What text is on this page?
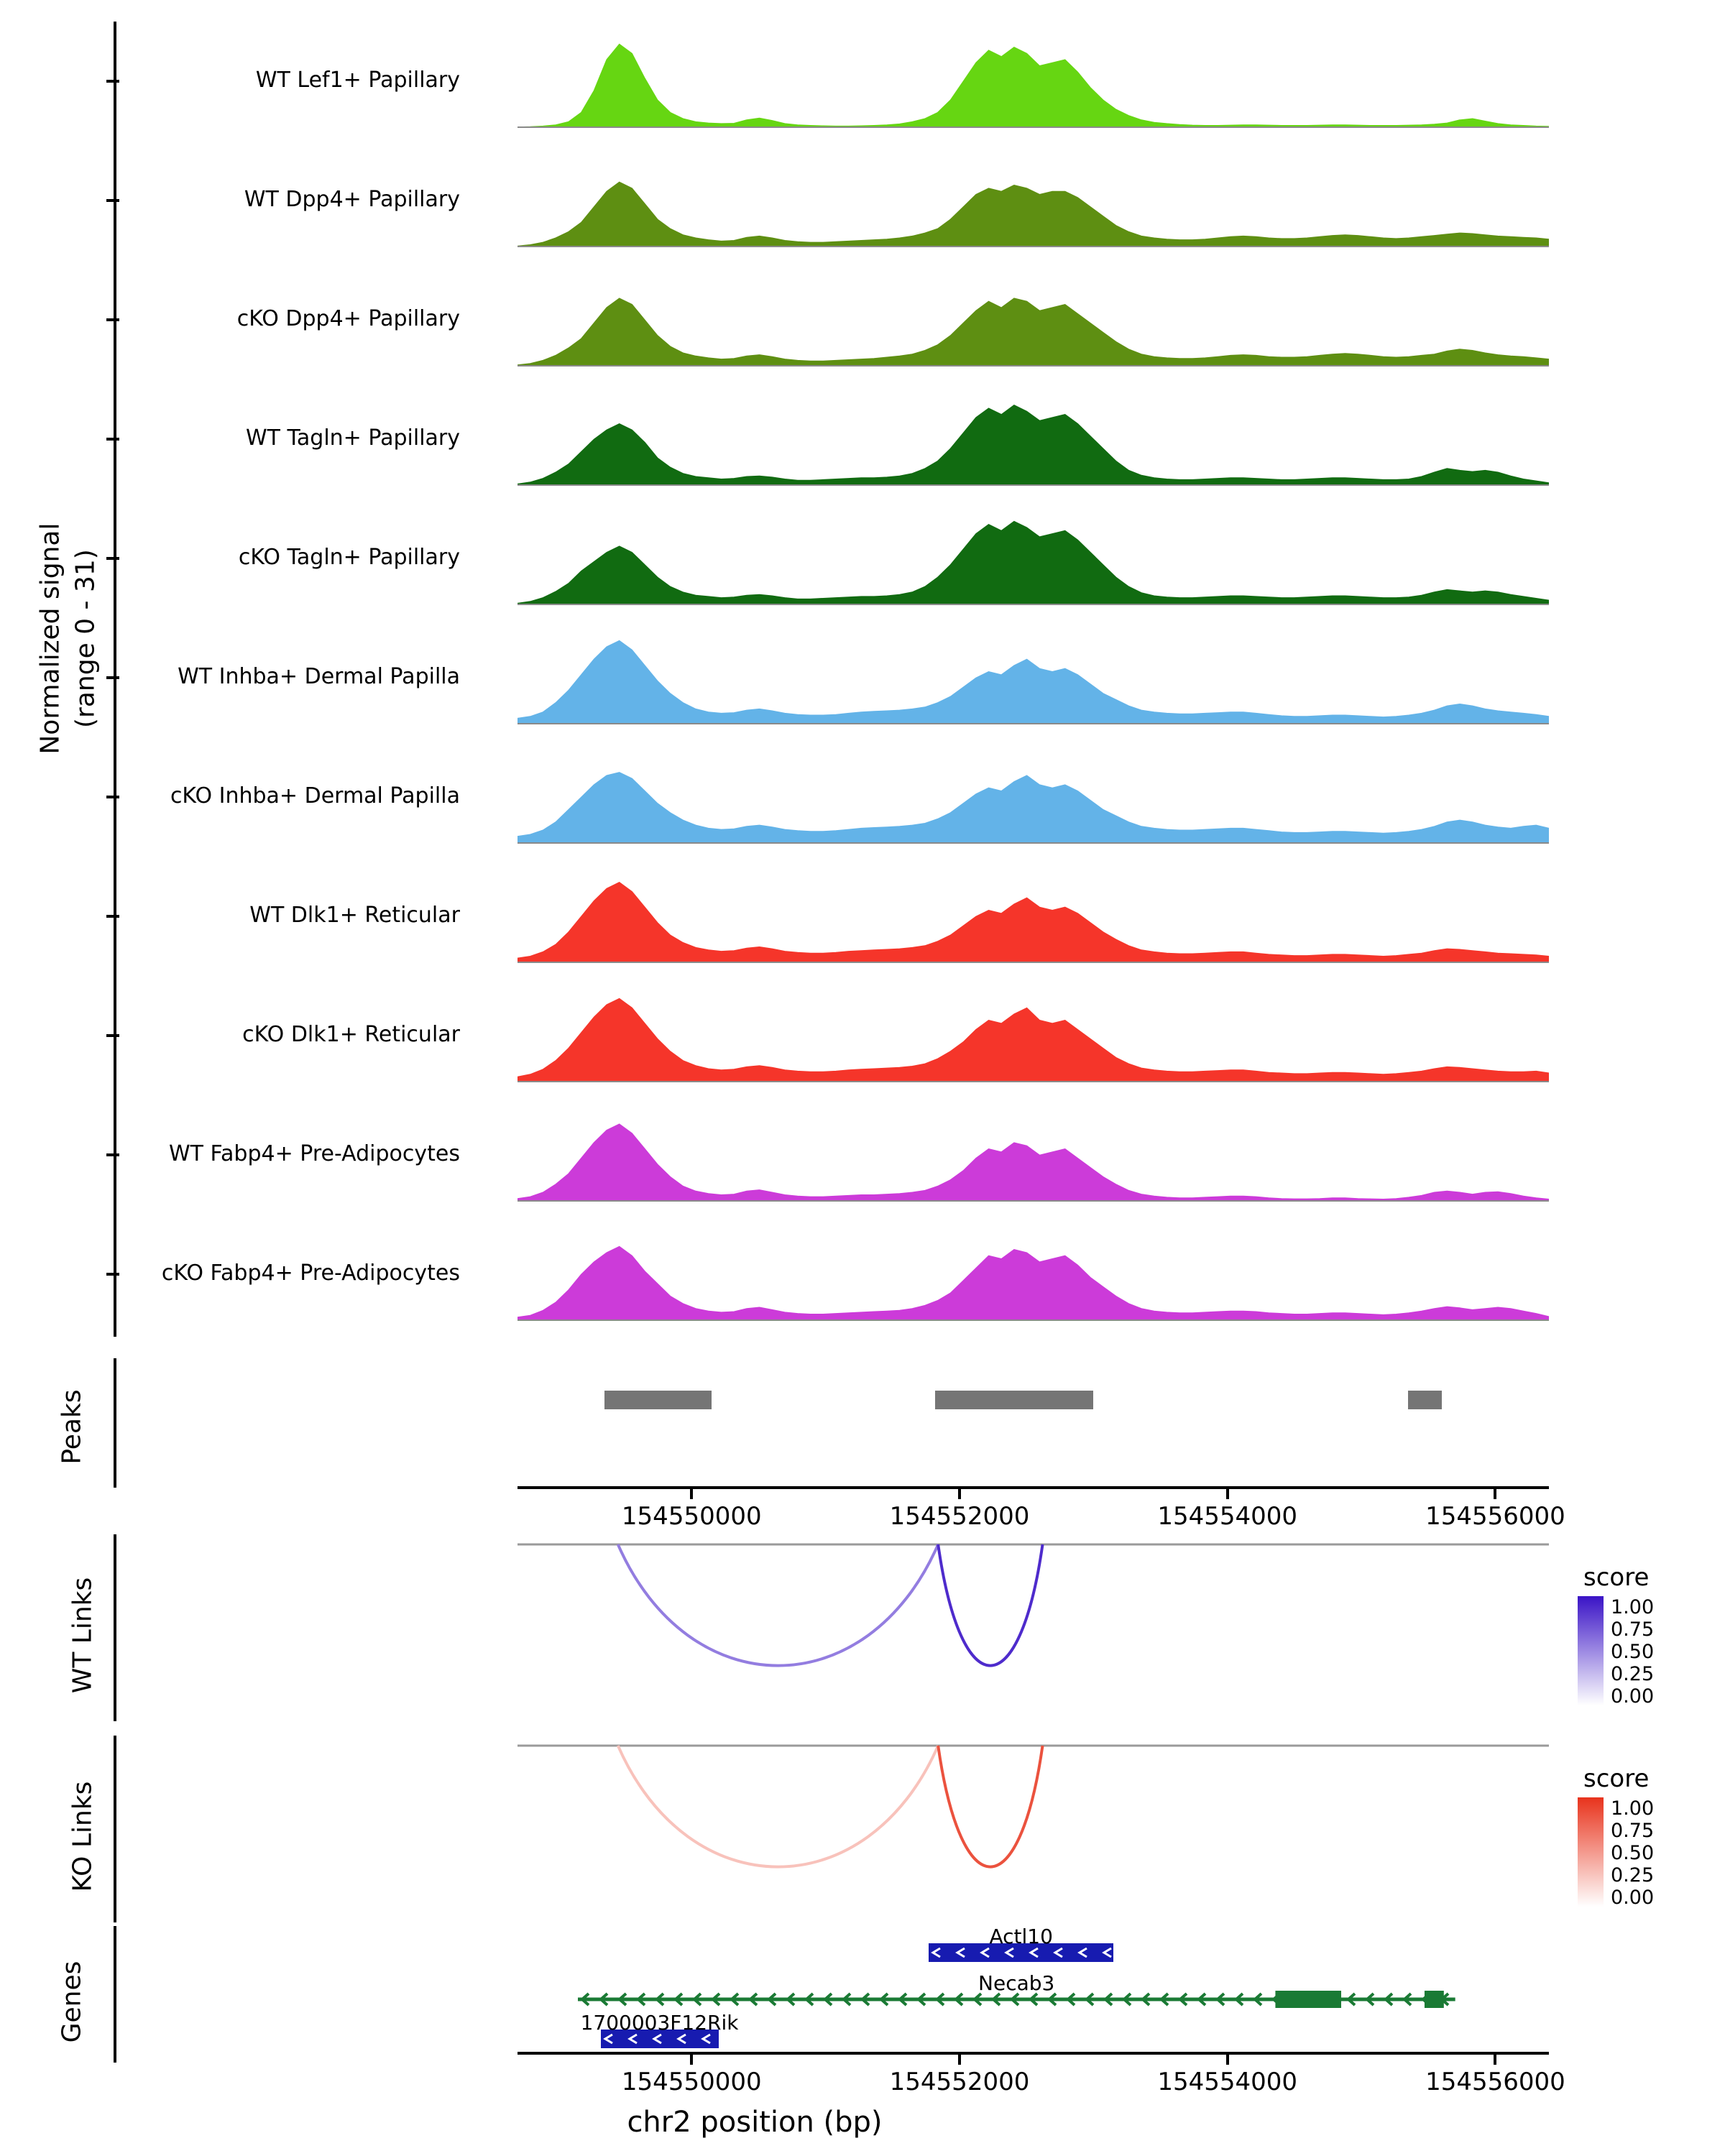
Normalized signal (range 0 - 31)
Peaks
WT Links
KO Links
Genes
WT Lef1+ Papillary
WT Dpp4+ Papillary
cKO Dpp4+ Papillary
WT Tagln+ Papillary
cKO Tagln+ Papillary
WT Inhba+ Dermal Papilla
cKO Inhba+ Dermal Papilla
WT Dlk1+ Reticular
cKO Dlk1+ Reticular
WT Fabp4+ Pre-Adipocytes
cKO Fabp4+ Pre-Adipocytes
154550000	154552000	154554000	154556000
score
1.00
0.75
0.50
0.25
0.00
score
1.00
0.75
0.50
0.25
0.00
Actl10
Necab3
1700003F12Rik
154550000	154552000	154554000	154556000
chr2 position (bp)
